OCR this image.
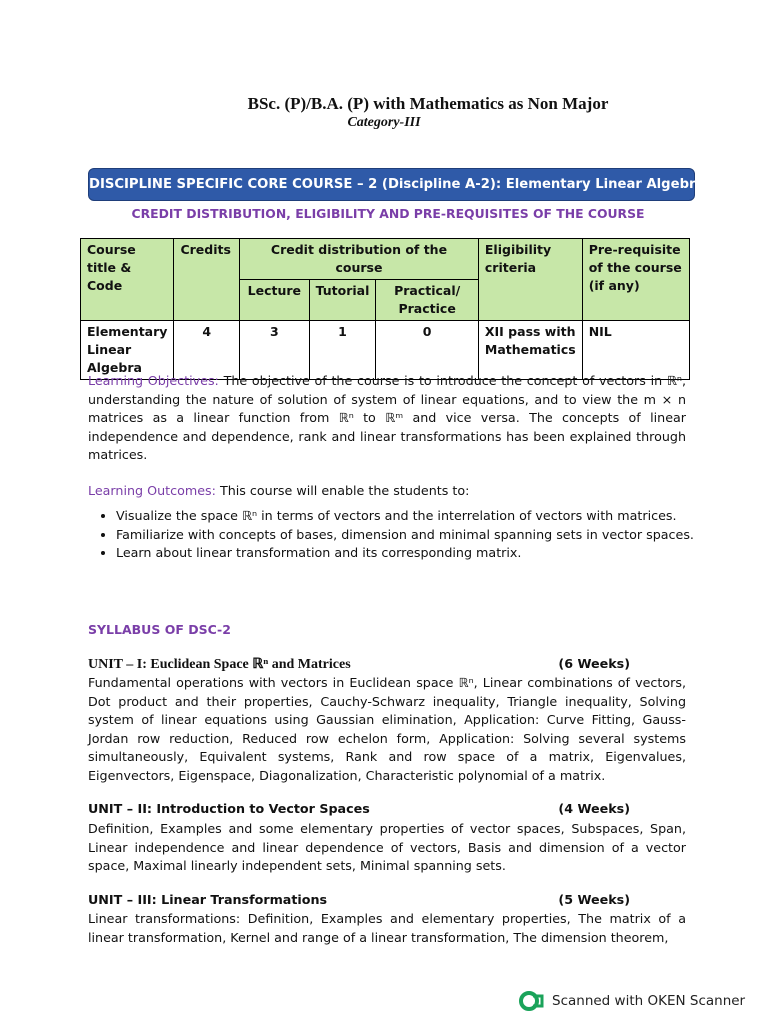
BSc. (P)/B.A. (P) with Mathematics as Non Major
Category-III
DISCIPLINE SPECIFIC CORE COURSE – 2 (Discipline A-2): Elementary Linear Algebra
CREDIT DISTRIBUTION, ELIGIBILITY AND PRE-REQUISITES OF THE COURSE
Course title & Code	Credits	Credit distribution of the course			Eligibility criteria	Pre-requisite of the course (if any)
		Lecture	Tutorial	Practical/ Practice		
Elementary Linear Algebra	4	3	1	0	XII pass with Mathematics	NIL
Learning Objectives: The objective of the course is to introduce the concept of vectors in ℝⁿ, understanding the nature of solution of system of linear equations, and to view the m × n matrices as a linear function from ℝⁿ to ℝᵐ and vice versa. The concepts of linear independence and dependence, rank and linear transformations has been explained through matrices.
Learning Outcomes: This course will enable the students to:
• Visualize the space ℝⁿ in terms of vectors and the interrelation of vectors with matrices.
• Familiarize with concepts of bases, dimension and minimal spanning sets in vector spaces.
• Learn about linear transformation and its corresponding matrix.
SYLLABUS OF DSC-2
UNIT – I: Euclidean Space ℝⁿ and Matrices	(6 Weeks)
Fundamental operations with vectors in Euclidean space ℝⁿ, Linear combinations of vectors, Dot product and their properties, Cauchy-Schwarz inequality, Triangle inequality, Solving system of linear equations using Gaussian elimination, Application: Curve Fitting, Gauss-Jordan row reduction, Reduced row echelon form, Application: Solving several systems simultaneously, Equivalent systems, Rank and row space of a matrix, Eigenvalues, Eigenvectors, Eigenspace, Diagonalization, Characteristic polynomial of a matrix.
UNIT – II: Introduction to Vector Spaces	(4 Weeks)
Definition, Examples and some elementary properties of vector spaces, Subspaces, Span, Linear independence and linear dependence of vectors, Basis and dimension of a vector space, Maximal linearly independent sets, Minimal spanning sets.
UNIT – III: Linear Transformations	(5 Weeks)
Linear transformations: Definition, Examples and elementary properties, The matrix of a linear transformation, Kernel and range of a linear transformation, The dimension theorem,
Scanned with OKEN Scanner
